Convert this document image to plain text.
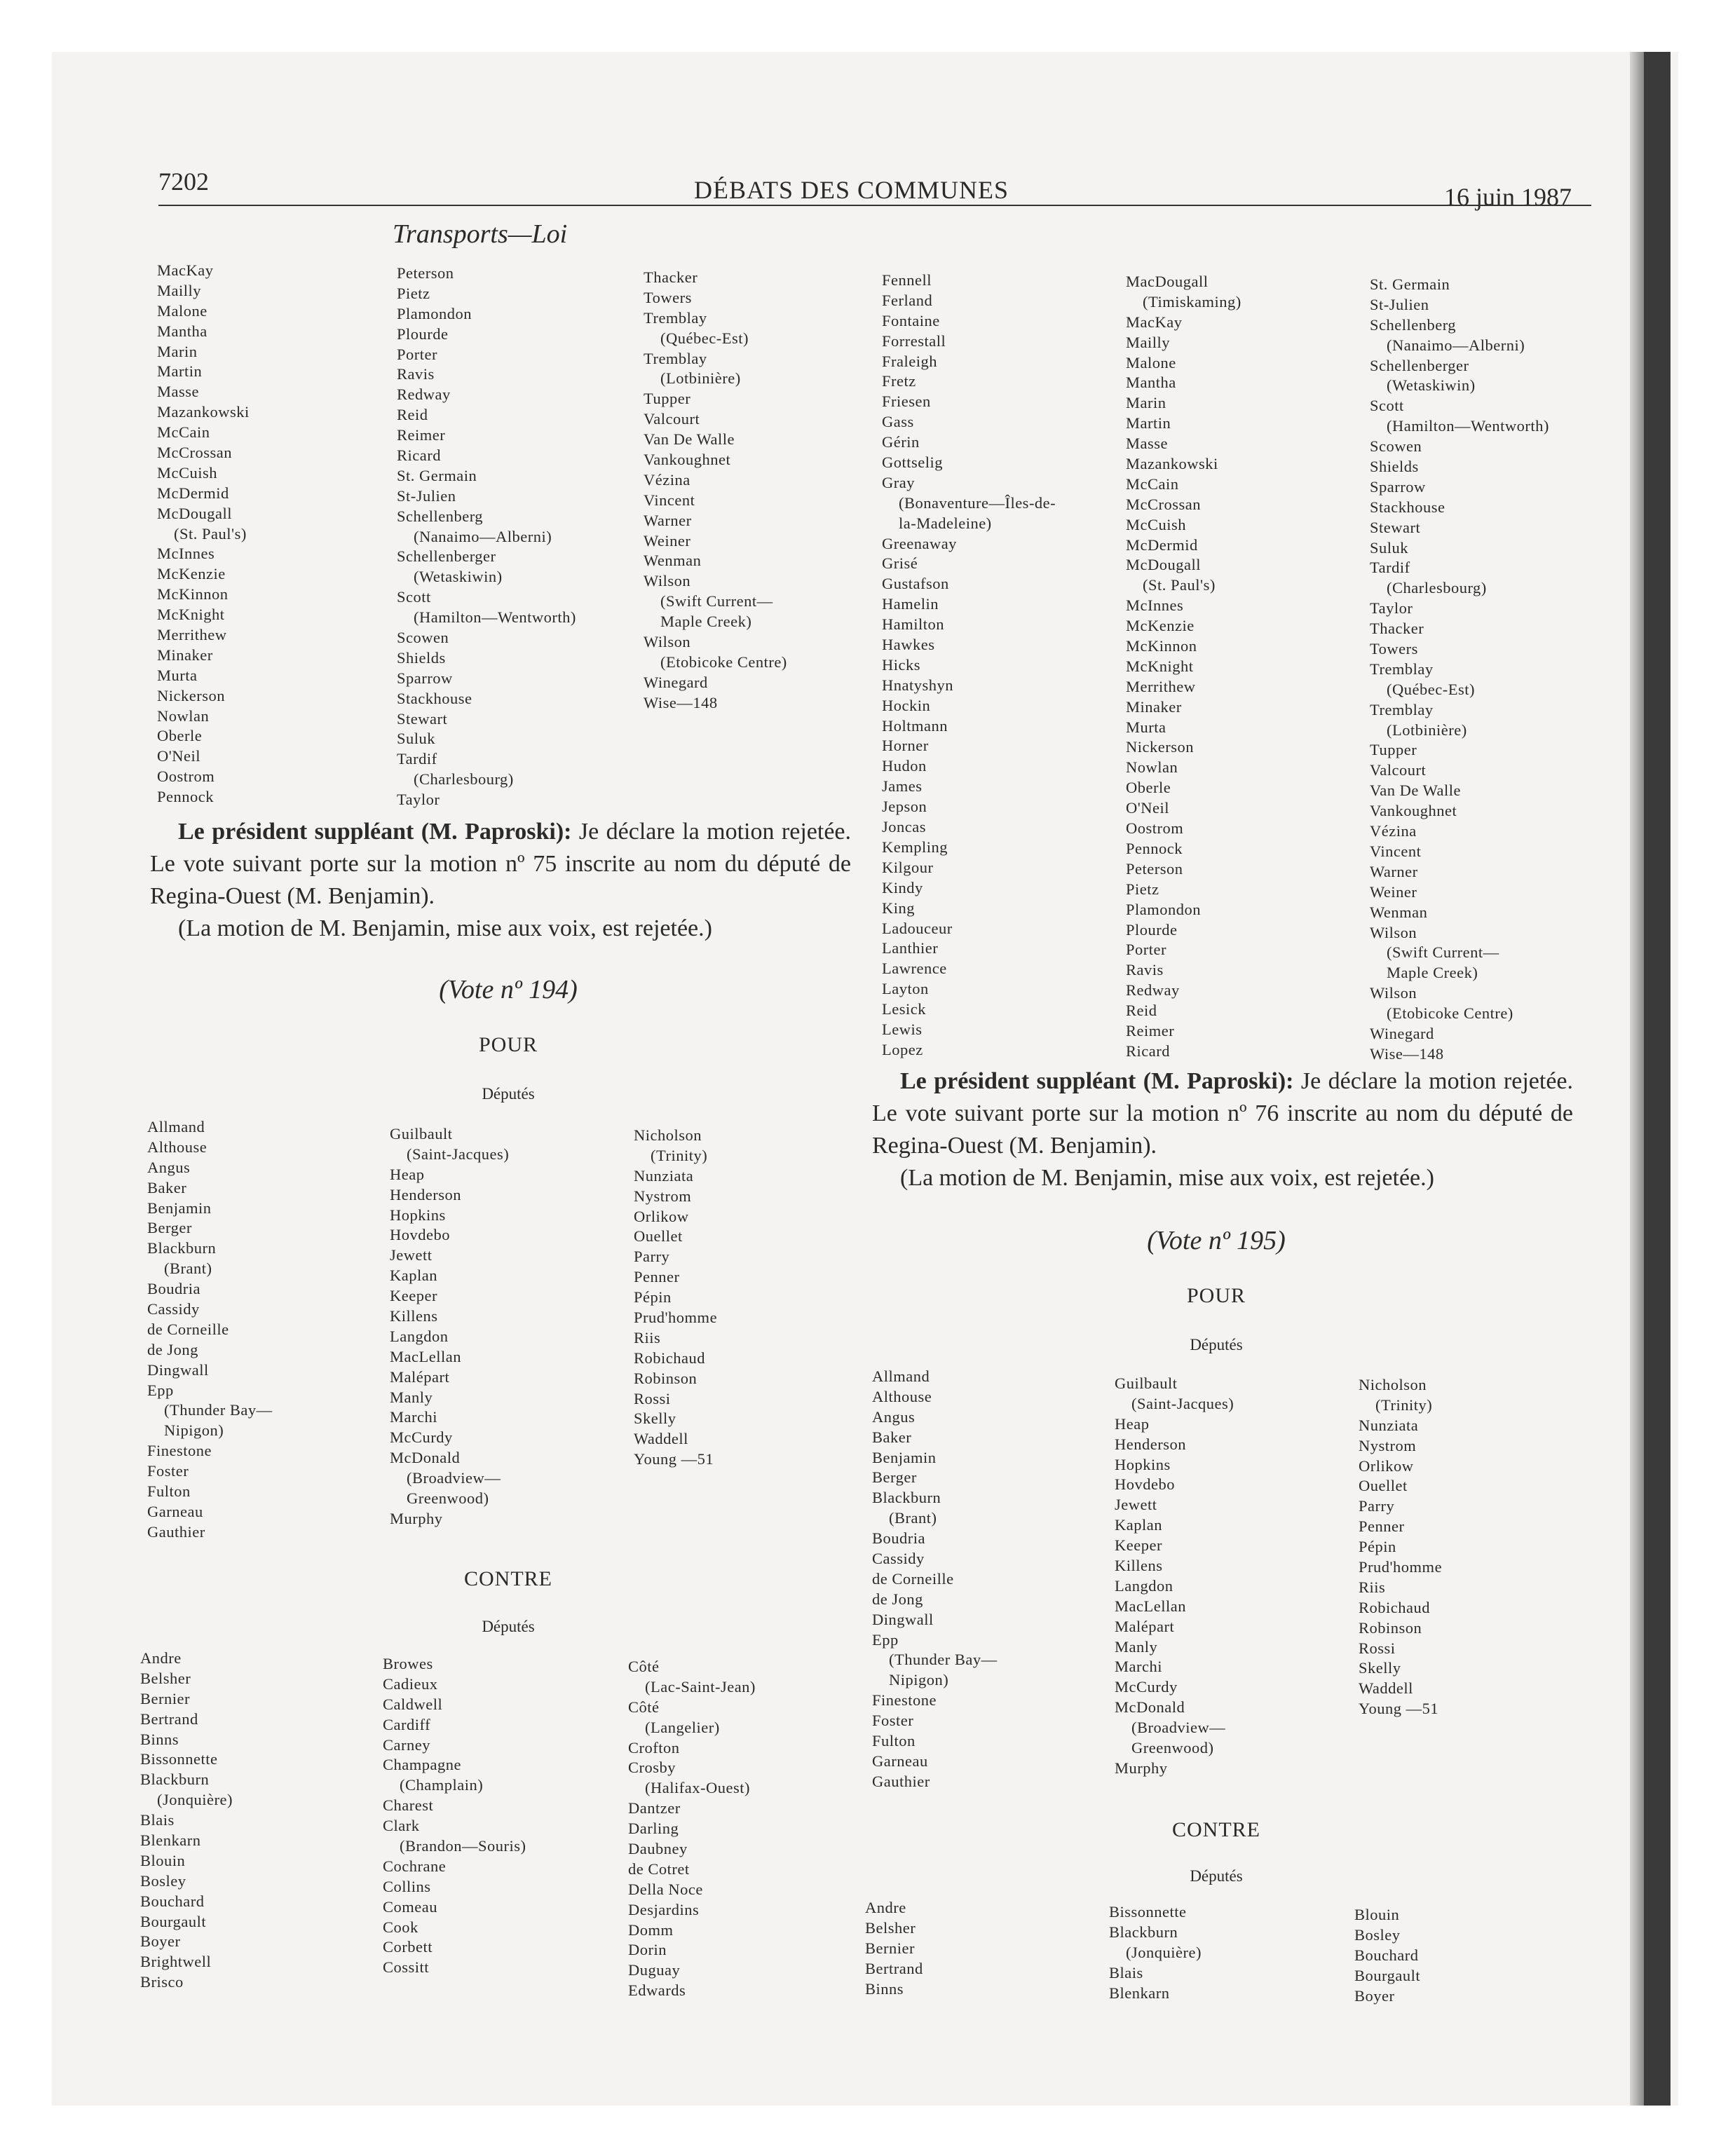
7202	DÉBATS DES COMMUNES	16 juin 1987
Transports—Loi
MacKay
Mailly
Malone
Mantha
Marin
Martin
Masse
Mazankowski
McCain
McCrossan
McCuish
McDermid
McDougall
(St. Paul's)
McInnes
McKenzie
McKinnon
McKnight
Merrithew
Minaker
Murta
Nickerson
Nowlan
Oberle
O'Neil
Oostrom
Pennock
Peterson
Pietz
Plamondon
Plourde
Porter
Ravis
Redway
Reid
Reimer
Ricard
St. Germain
St-Julien
Schellenberg
(Nanaimo—Alberni)
Schellenberger
(Wetaskiwin)
Scott
(Hamilton—Wentworth)
Scowen
Shields
Sparrow
Stackhouse
Stewart
Suluk
Tardif
(Charlesbourg)
Taylor
Thacker
Towers
Tremblay
(Québec-Est)
Tremblay
(Lotbinière)
Tupper
Valcourt
Van De Walle
Vankoughnet
Vézina
Vincent
Warner
Weiner
Wenman
Wilson
(Swift Current—
Maple Creek)
Wilson
(Etobicoke Centre)
Winegard
Wise—148

Le président suppléant (M. Paproski): Je déclare la motion rejetée. Le vote suivant porte sur la motion nº 75 inscrite au nom du député de Regina-Ouest (M. Benjamin).

(La motion de M. Benjamin, mise aux voix, est rejetée.)

(Vote nº 194)
POUR
Députés
Allmand
Althouse
Angus
Baker
Benjamin
Berger
Blackburn
(Brant)
Boudria
Cassidy
de Corneille
de Jong
Dingwall
Epp
(Thunder Bay—
Nipigon)
Finestone
Foster
Fulton
Garneau
Gauthier
Guilbault
(Saint-Jacques)
Heap
Henderson
Hopkins
Hovdebo
Jewett
Kaplan
Keeper
Killens
Langdon
MacLellan
Malépart
Manly
Marchi
McCurdy
McDonald
(Broadview—
Greenwood)
Murphy
Nicholson
(Trinity)
Nunziata
Nystrom
Orlikow
Ouellet
Parry
Penner
Pépin
Prud'homme
Riis
Robichaud
Robinson
Rossi
Skelly
Waddell
Young —51
CONTRE
Députés
Andre
Belsher
Bernier
Bertrand
Binns
Bissonnette
Blackburn
(Jonquière)
Blais
Blenkarn
Blouin
Bosley
Bouchard
Bourgault
Boyer
Brightwell
Brisco
Browes
Cadieux
Caldwell
Cardiff
Carney
Champagne
(Champlain)
Charest
Clark
(Brandon—Souris)
Cochrane
Collins
Comeau
Cook
Corbett
Cossitt
Côté
(Lac-Saint-Jean)
Côté
(Langelier)
Crofton
Crosby
(Halifax-Ouest)
Dantzer
Darling
Daubney
de Cotret
Della Noce
Desjardins
Domm
Dorin
Duguay
Edwards
Fennell
Ferland
Fontaine
Forrestall
Fraleigh
Fretz
Friesen
Gass
Gérin
Gottselig
Gray
(Bonaventure—Îles-de-
la-Madeleine)
Greenaway
Grisé
Gustafson
Hamelin
Hamilton
Hawkes
Hicks
Hnatyshyn
Hockin
Holtmann
Horner
Hudon
James
Jepson
Joncas
Kempling
Kilgour
Kindy
King
Ladouceur
Lanthier
Lawrence
Layton
Lesick
Lewis
Lopez
MacDougall
(Timiskaming)
MacKay
Mailly
Malone
Mantha
Marin
Martin
Masse
Mazankowski
McCain
McCrossan
McCuish
McDermid
McDougall
(St. Paul's)
McInnes
McKenzie
McKinnon
McKnight
Merrithew
Minaker
Murta
Nickerson
Nowlan
Oberle
O'Neil
Oostrom
Pennock
Peterson
Pietz
Plamondon
Plourde
Porter
Ravis
Redway
Reid
Reimer
Ricard
St. Germain
St-Julien
Schellenberg
(Nanaimo—Alberni)
Schellenberger
(Wetaskiwin)
Scott
(Hamilton—Wentworth)
Scowen
Shields
Sparrow
Stackhouse
Stewart
Suluk
Tardif
(Charlesbourg)
Taylor
Thacker
Towers
Tremblay
(Québec-Est)
Tremblay
(Lotbinière)
Tupper
Valcourt
Van De Walle
Vankoughnet
Vézina
Vincent
Warner
Weiner
Wenman
Wilson
(Swift Current—
Maple Creek)
Wilson
(Etobicoke Centre)
Winegard
Wise—148

Le président suppléant (M. Paproski): Je déclare la motion rejetée. Le vote suivant porte sur la motion nº 76 inscrite au nom du député de Regina-Ouest (M. Benjamin).

(La motion de M. Benjamin, mise aux voix, est rejetée.)

(Vote nº 195)
POUR
Députés
Allmand
Althouse
Angus
Baker
Benjamin
Berger
Blackburn
(Brant)
Boudria
Cassidy
de Corneille
de Jong
Dingwall
Epp
(Thunder Bay—
Nipigon)
Finestone
Foster
Fulton
Garneau
Gauthier
Guilbault
(Saint-Jacques)
Heap
Henderson
Hopkins
Hovdebo
Jewett
Kaplan
Keeper
Killens
Langdon
MacLellan
Malépart
Manly
Marchi
McCurdy
McDonald
(Broadview—
Greenwood)
Murphy
Nicholson
(Trinity)
Nunziata
Nystrom
Orlikow
Ouellet
Parry
Penner
Pépin
Prud'homme
Riis
Robichaud
Robinson
Rossi
Skelly
Waddell
Young —51
CONTRE
Députés
Andre
Belsher
Bernier
Bertrand
Binns
Bissonnette
Blackburn
(Jonquière)
Blais
Blenkarn
Blouin
Bosley
Bouchard
Bourgault
Boyer
